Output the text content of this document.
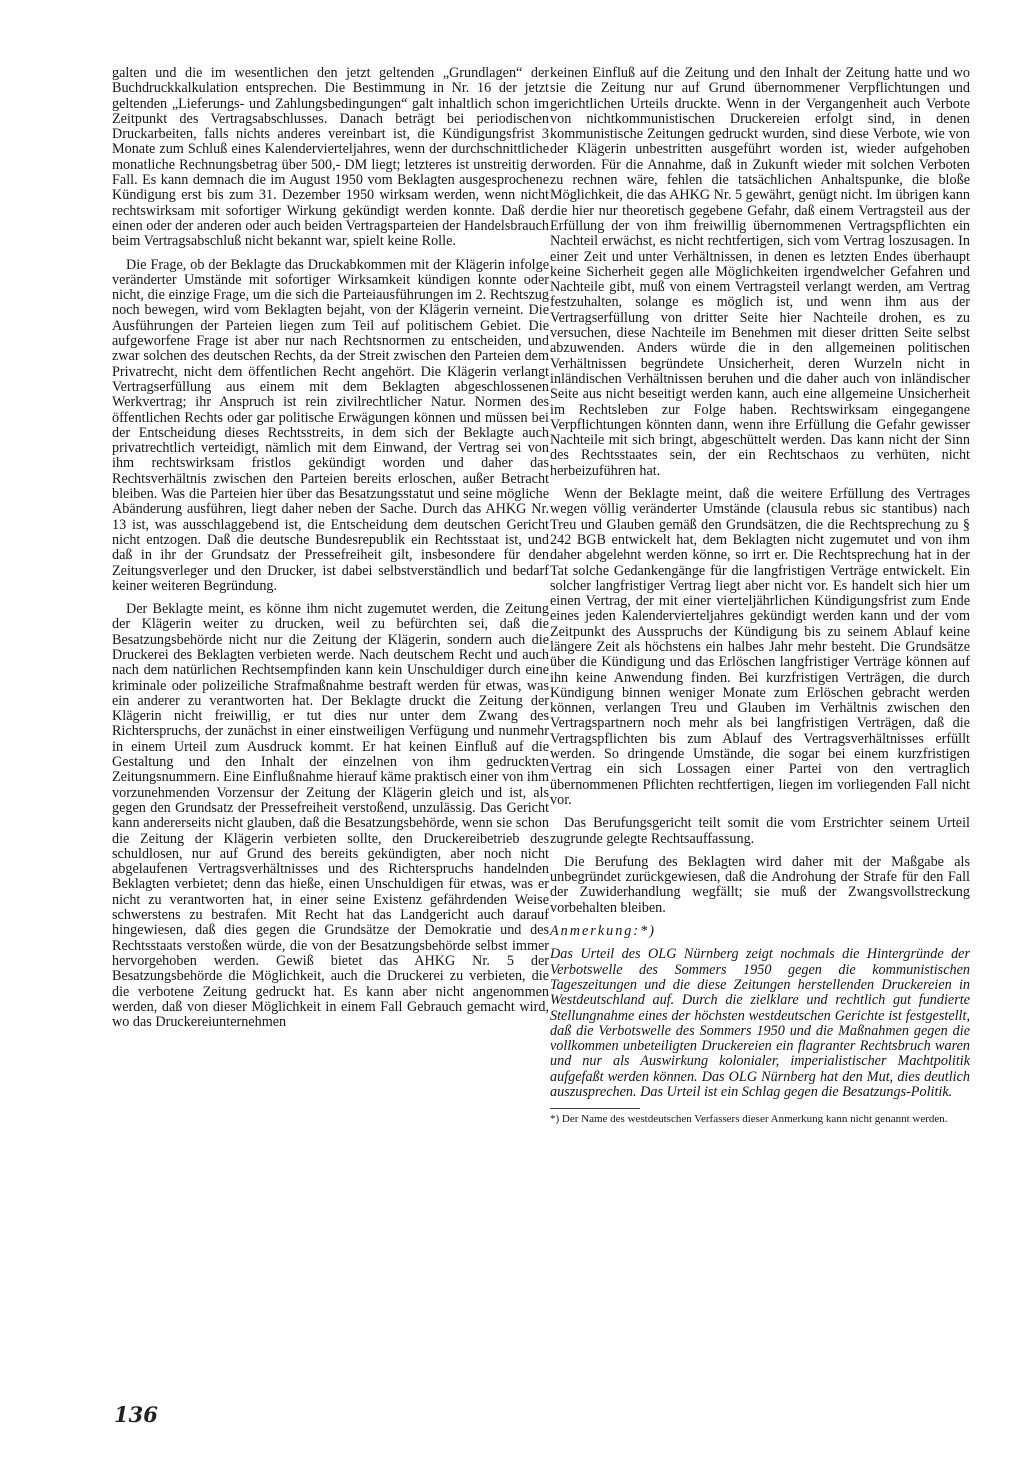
galten und die im wesentlichen den jetzt geltenden „Grundlagen“ der Buchdruckkalkulation entsprechen. Die Bestimmung in Nr. 16 der jetzt geltenden „Lieferungs- und Zahlungsbedingungen“ galt inhaltlich schon im Zeitpunkt des Vertragsabschlusses. Danach beträgt bei periodischen Druckarbeiten, falls nichts anderes vereinbart ist, die Kündigungsfrist 3 Monate zum Schluß eines Kalendervierteljahres, wenn der durchschnittliche monatliche Rechnungsbetrag über 500,- DM liegt; letzteres ist unstreitig der Fall. Es kann demnach die im August 1950 vom Beklagten ausgesprochene Kündigung erst bis zum 31. Dezember 1950 wirksam werden, wenn nicht rechtswirksam mit sofortiger Wirkung gekündigt werden konnte. Daß der einen oder der anderen oder auch beiden Vertragsparteien der Handelsbrauch beim Vertragsabschluß nicht bekannt war, spielt keine Rolle.

Die Frage, ob der Beklagte das Druckabkommen mit der Klägerin infolge veränderter Umstände mit sofortiger Wirksamkeit kündigen konnte oder nicht, die einzige Frage, um die sich die Parteiausführungen im 2. Rechtszug noch bewegen, wird vom Beklagten bejaht, von der Klägerin verneint. Die Ausführungen der Parteien liegen zum Teil auf politischem Gebiet. Die aufgeworfene Frage ist aber nur nach Rechtsnormen zu entscheiden, und zwar solchen des deutschen Rechts, da der Streit zwischen den Parteien dem Privatrecht, nicht dem öffentlichen Recht angehört. Die Klägerin verlangt Vertragserfüllung aus einem mit dem Beklagten abgeschlossenen Werkvertrag; ihr Anspruch ist rein zivilrechtlicher Natur. Normen des öffentlichen Rechts oder gar politische Erwägungen können und müssen bei der Entscheidung dieses Rechtsstreits, in dem sich der Beklagte auch privatrechtlich verteidigt, nämlich mit dem Einwand, der Vertrag sei von ihm rechtswirksam fristlos gekündigt worden und daher das Rechtsverhältnis zwischen den Parteien bereits erloschen, außer Betracht bleiben. Was die Parteien hier über das Besatzungsstatut und seine mögliche Abänderung ausführen, liegt daher neben der Sache. Durch das AHKG Nr. 13 ist, was ausschlaggebend ist, die Entscheidung dem deutschen Gericht nicht entzogen. Daß die deutsche Bundesrepublik ein Rechtsstaat ist, und daß in ihr der Grundsatz der Pressefreiheit gilt, insbesondere für den Zeitungsverleger und den Drucker, ist dabei selbstverständlich und bedarf keiner weiteren Begründung.

Der Beklagte meint, es könne ihm nicht zugemutet werden, die Zeitung der Klägerin weiter zu drucken, weil zu befürchten sei, daß die Besatzungsbehörde nicht nur die Zeitung der Klägerin, sondern auch die Druckerei des Beklagten verbieten werde. Nach deutschem Recht und auch nach dem natürlichen Rechtsempfinden kann kein Unschuldiger durch eine kriminale oder polizeiliche Strafmaßnahme bestraft werden für etwas, was ein anderer zu verantworten hat. Der Beklagte druckt die Zeitung der Klägerin nicht freiwillig, er tut dies nur unter dem Zwang des Richterspruchs, der zunächst in einer einstweiligen Verfügung und nunmehr in einem Urteil zum Ausdruck kommt. Er hat keinen Einfluß auf die Gestaltung und den Inhalt der einzelnen von ihm gedruckten Zeitungsnummern. Eine Einflußnahme hierauf käme praktisch einer von ihm vorzunehmenden Vorzensur der Zeitung der Klägerin gleich und ist, als gegen den Grundsatz der Pressefreiheit verstoßend, unzulässig. Das Gericht kann andererseits nicht glauben, daß die Besatzungsbehörde, wenn sie schon die Zeitung der Klägerin verbieten sollte, den Druckereibetrieb des schuldlosen, nur auf Grund des bereits gekündigten, aber noch nicht abgelaufenen Vertragsverhältnisses und des Richterspruchs handelnden Beklagten verbietet; denn das hieße, einen Unschuldigen für etwas, was er nicht zu verantworten hat, in einer seine Existenz gefährdenden Weise schwerstens zu bestrafen. Mit Recht hat das Landgericht auch darauf hingewiesen, daß dies gegen die Grundsätze der Demokratie und des Rechtsstaats verstoßen würde, die von der Besatzungsbehörde selbst immer hervorgehoben werden. Gewiß bietet das AHKG Nr. 5 der Besatzungsbehörde die Möglichkeit, auch die Druckerei zu verbieten, die die verbotene Zeitung gedruckt hat. Es kann aber nicht angenommen werden, daß von dieser Möglichkeit in einem Fall Gebrauch gemacht wird, wo das Druckereiunternehmen

keinen Einfluß auf die Zeitung und den Inhalt der Zeitung hatte und wo sie die Zeitung nur auf Grund übernommener Verpflichtungen und gerichtlichen Urteils druckte. Wenn in der Vergangenheit auch Verbote von nichtkommunistischen Druckereien erfolgt sind, in denen kommunistische Zeitungen gedruckt wurden, sind diese Verbote, wie von der Klägerin unbestritten ausgeführt worden ist, wieder aufgehoben worden. Für die Annahme, daß in Zukunft wieder mit solchen Verboten zu rechnen wäre, fehlen die tatsächlichen Anhaltspunke, die bloße Möglichkeit, die das AHKG Nr. 5 gewährt, genügt nicht. Im übrigen kann die hier nur theoretisch gegebene Gefahr, daß einem Vertragsteil aus der Erfüllung der von ihm freiwillig übernommenen Vertragspflichten ein Nachteil erwächst, es nicht rechtfertigen, sich vom Vertrag loszusagen. In einer Zeit und unter Verhältnissen, in denen es letzten Endes überhaupt keine Sicherheit gegen alle Möglichkeiten irgendwelcher Gefahren und Nachteile gibt, muß von einem Vertragsteil verlangt werden, am Vertrag festzuhalten, solange es möglich ist, und wenn ihm aus der Vertragserfüllung von dritter Seite hier Nachteile drohen, es zu versuchen, diese Nachteile im Benehmen mit dieser dritten Seite selbst abzuwenden. Anders würde die in den allgemeinen politischen Verhältnissen begründete Unsicherheit, deren Wurzeln nicht in inländischen Verhältnissen beruhen und die daher auch von inländischer Seite aus nicht beseitigt werden kann, auch eine allgemeine Unsicherheit im Rechtsleben zur Folge haben. Rechtswirksam eingegangene Verpflichtungen könnten dann, wenn ihre Erfüllung die Gefahr gewisser Nachteile mit sich bringt, abgeschüttelt werden. Das kann nicht der Sinn des Rechtsstaates sein, der ein Rechtschaos zu verhüten, nicht herbeizuführen hat.

Wenn der Beklagte meint, daß die weitere Erfüllung des Vertrages wegen völlig veränderter Umstände (clausula rebus sic stantibus) nach Treu und Glauben gemäß den Grundsätzen, die die Rechtsprechung zu § 242 BGB entwickelt hat, dem Beklagten nicht zugemutet und von ihm daher abgelehnt werden könne, so irrt er. Die Rechtsprechung hat in der Tat solche Gedankengänge für die langfristigen Verträge entwickelt. Ein solcher langfristiger Vertrag liegt aber nicht vor. Es handelt sich hier um einen Vertrag, der mit einer vierteljährlichen Kündigungsfrist zum Ende eines jeden Kalendervierteljahres gekündigt werden kann und der vom Zeitpunkt des Ausspruchs der Kündigung bis zu seinem Ablauf keine längere Zeit als höchstens ein halbes Jahr mehr besteht. Die Grundsätze über die Kündigung und das Erlöschen langfristiger Verträge können auf ihn keine Anwendung finden. Bei kurzfristigen Verträgen, die durch Kündigung binnen weniger Monate zum Erlöschen gebracht werden können, verlangen Treu und Glauben im Verhältnis zwischen den Vertragspartnern noch mehr als bei langfristigen Verträgen, daß die Vertragspflichten bis zum Ablauf des Vertragsverhältnisses erfüllt werden. So dringende Umstände, die sogar bei einem kurzfristigen Vertrag ein sich Lossagen einer Partei von den vertraglich übernommenen Pflichten rechtfertigen, liegen im vorliegenden Fall nicht vor.

Das Berufungsgericht teilt somit die vom Erstrichter seinem Urteil zugrunde gelegte Rechtsauffassung.

Die Berufung des Beklagten wird daher mit der Maßgabe als unbegründet zurückgewiesen, daß die Androhung der Strafe für den Fall der Zuwiderhandlung wegfällt; sie muß der Zwangsvollstreckung vorbehalten bleiben.

Anmerkung:*)

Das Urteil des OLG Nürnberg zeigt nochmals die Hintergründe der Verbotswelle des Sommers 1950 gegen die kommunistischen Tageszeitungen und die diese Zeitungen herstellenden Druckereien in Westdeutschland auf. Durch die zielklare und rechtlich gut fundierte Stellungnahme eines der höchsten westdeutschen Gerichte ist festgestellt, daß die Verbotswelle des Sommers 1950 und die Maßnahmen gegen die vollkommen unbeteiligten Druckereien ein flagranter Rechtsbruch waren und nur als Auswirkung kolonialer, imperialistischer Machtpolitik aufgefaßt werden können. Das OLG Nürnberg hat den Mut, dies deutlich auszusprechen. Das Urteil ist ein Schlag gegen die Besatzungs-Politik.

*) Der Name des westdeutschen Verfassers dieser Anmerkung kann nicht genannt werden.

136
